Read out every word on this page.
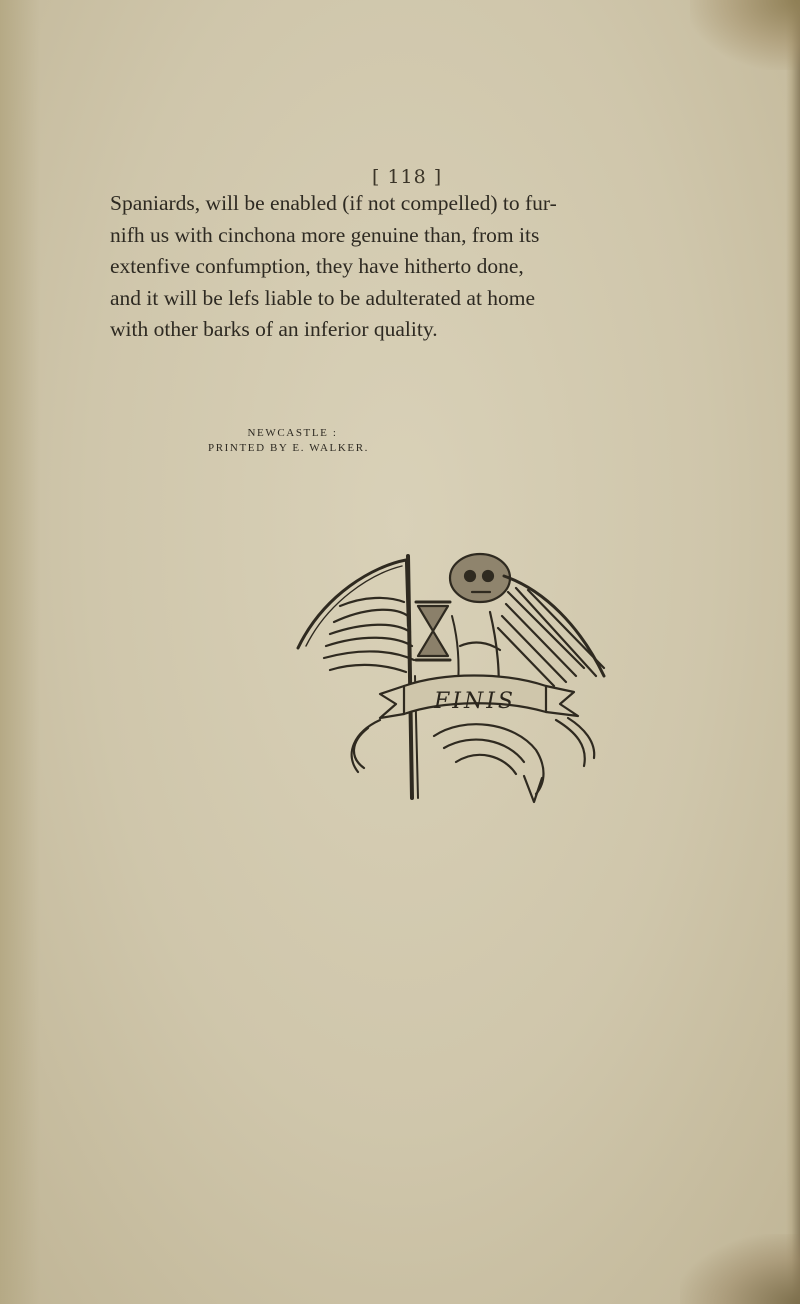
[ 118 ]

Spaniards, will be enabled (if not compelled) to fur-
nifh us with cinchona more genuine than, from its
extenfive confumption, they have hitherto done,
and it will be lefs liable to be adulterated at home
with other barks of an inferior quality.

NEWCASTLE :
PRINTED BY E. WALKER.
FINIS
